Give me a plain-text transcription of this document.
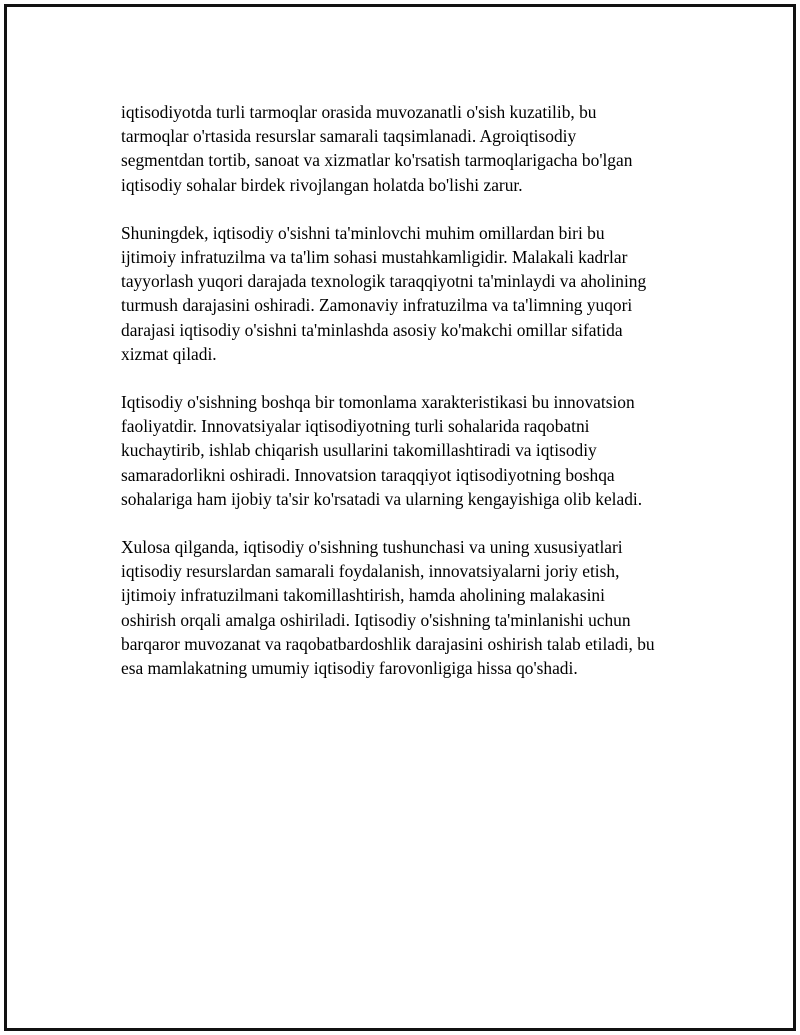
iqtisodiyotda turli tarmoqlar orasida muvozanatli o'sish kuzatilib, bu
tarmoqlar o'rtasida resurslar samarali taqsimlanadi. Agroiqtisodiy
segmentdan tortib, sanoat va xizmatlar ko'rsatish tarmoqlarigacha bo'lgan
iqtisodiy sohalar birdek rivojlangan holatda bo'lishi zarur.

Shuningdek, iqtisodiy o'sishni ta'minlovchi muhim omillardan biri bu
ijtimoiy infratuzilma va ta'lim sohasi mustahkamligidir. Malakali kadrlar
tayyorlash yuqori darajada texnologik taraqqiyotni ta'minlaydi va aholining
turmush darajasini oshiradi. Zamonaviy infratuzilma va ta'limning yuqori
darajasi iqtisodiy o'sishni ta'minlashda asosiy ko'makchi omillar sifatida
xizmat qiladi.

Iqtisodiy o'sishning boshqa bir tomonlama xarakteristikasi bu innovatsion
faoliyatdir. Innovatsiyalar iqtisodiyotning turli sohalarida raqobatni
kuchaytirib, ishlab chiqarish usullarini takomillashtiradi va iqtisodiy
samaradorlikni oshiradi. Innovatsion taraqqiyot iqtisodiyotning boshqa
sohalariga ham ijobiy ta'sir ko'rsatadi va ularning kengayishiga olib keladi.

Xulosa qilganda, iqtisodiy o'sishning tushunchasi va uning xususiyatlari
iqtisodiy resurslardan samarali foydalanish, innovatsiyalarni joriy etish,
ijtimoiy infratuzilmani takomillashtirish, hamda aholining malakasini
oshirish orqali amalga oshiriladi. Iqtisodiy o'sishning ta'minlanishi uchun
barqaror muvozanat va raqobatbardoshlik darajasini oshirish talab etiladi, bu
esa mamlakatning umumiy iqtisodiy farovonligiga hissa qo'shadi.
